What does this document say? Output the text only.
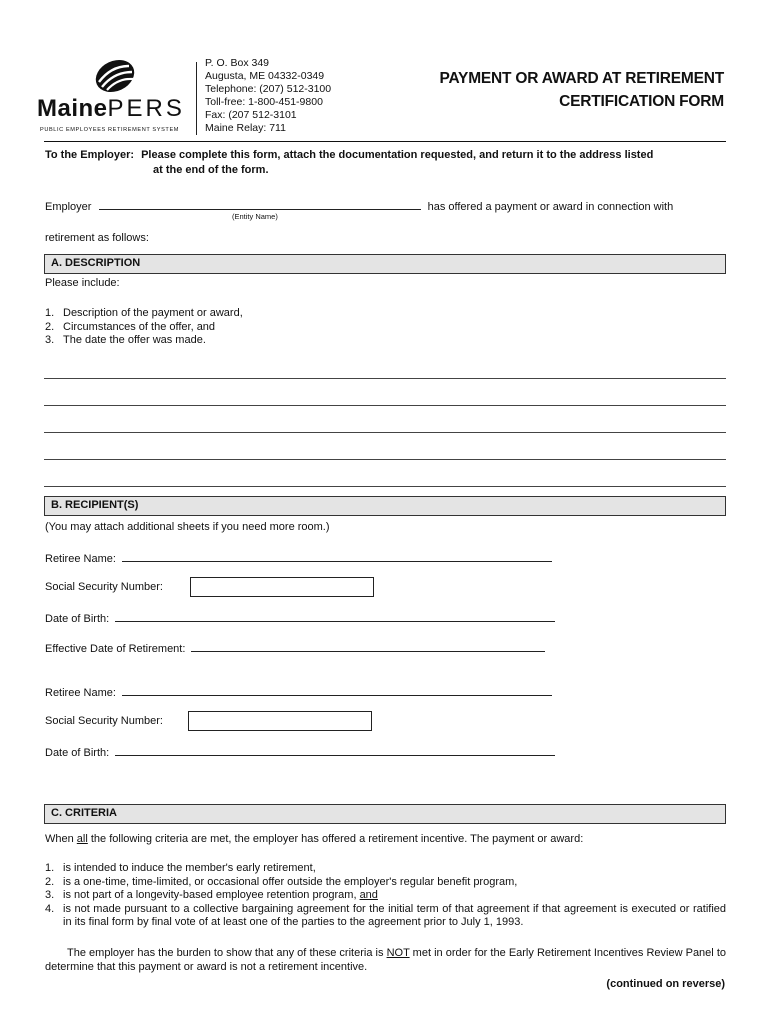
MainePERS
PUBLIC EMPLOYEES RETIREMENT SYSTEM
P. O. Box 349
Augusta, ME 04332-0349
Telephone: (207) 512-3100
Toll-free: 1-800-451-9800
Fax: (207 512-3101
Maine Relay: 711
PAYMENT OR AWARD AT RETIREMENT
CERTIFICATION FORM
To the Employer: Please complete this form, attach the documentation requested, and return it to the address listed
at the end of the form.
Employer	has offered a payment or award in connection with
(Entity Name)
retirement as follows:
A. DESCRIPTION
Please include:
1. Description of the payment or award,
2. Circumstances of the offer, and
3. The date the offer was made.
B. RECIPIENT(S)
(You may attach additional sheets if you need more room.)
Retiree Name:
Social Security Number:
Date of Birth:
Effective Date of Retirement:
Retiree Name:
Social Security Number:
Date of Birth:
C. CRITERIA
When all the following criteria are met, the employer has offered a retirement incentive. The payment or award:
1. is intended to induce the member's early retirement,
2. is a one-time, time-limited, or occasional offer outside the employer's regular benefit program,
3. is not part of a longevity-based employee retention program, and
4. is not made pursuant to a collective bargaining agreement for the initial term of that agreement if that agreement is executed or ratified in its final form by final vote of at least one of the parties to the agreement prior to July 1, 1993.
The employer has the burden to show that any of these criteria is NOT met in order for the Early Retirement Incentives Review Panel to determine that this payment or award is not a retirement incentive.
(continued on reverse)
